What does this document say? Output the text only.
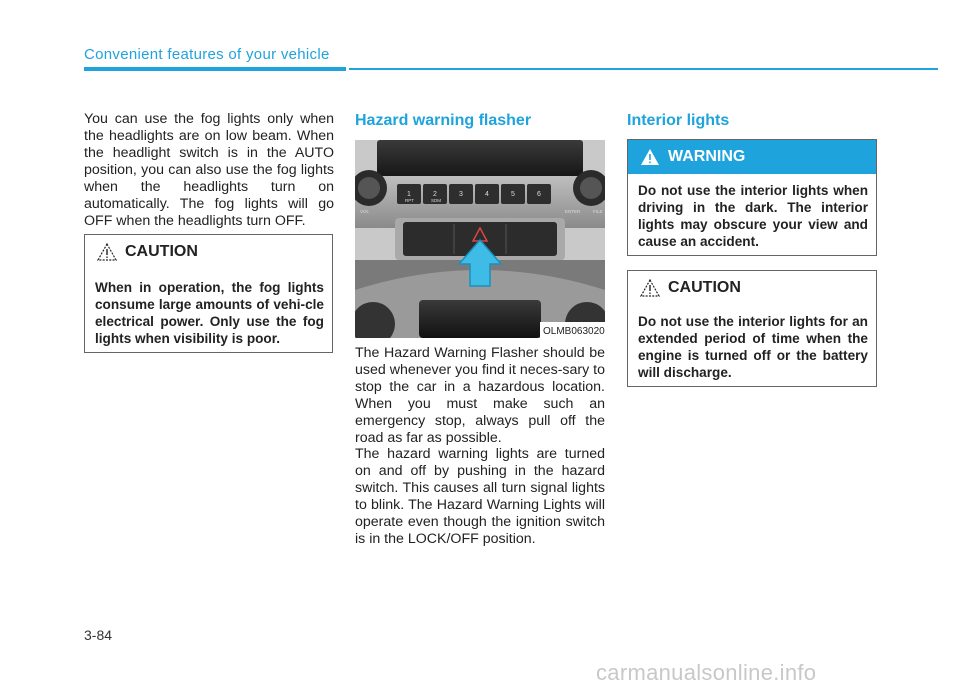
Convenient features of your vehicle

You can use the fog lights only when the headlights are on low beam. When the headlight switch is in the AUTO position, you can also use the fog lights when the headlights turn on automatically. The fog lights will go OFF when the headlights turn OFF.

CAUTION
When in operation, the fog lights consume large amounts of vehi-cle electrical power. Only use the fog lights when visibility is poor.
Hazard warning flasher
1	2	3	4	5	6
RPT	SDM
VOL	ENTER	FILE
OLMB063020

The Hazard Warning Flasher should be used whenever you find it neces-sary to stop the car in a hazardous location. When you must make such an emergency stop, always pull off the road as far as possible.

The hazard warning lights are turned on and off by pushing in the hazard switch. This causes all turn signal lights to blink. The Hazard Warning Lights will operate even though the ignition switch is in the LOCK/OFF position.

Interior lights
WARNING
Do not use the interior lights when driving in the dark. The interior lights may obscure your view and cause an accident.
CAUTION
Do not use the interior lights for an extended period of time when the engine is turned off or the battery will discharge.
3-84
carmanualsonline.info
